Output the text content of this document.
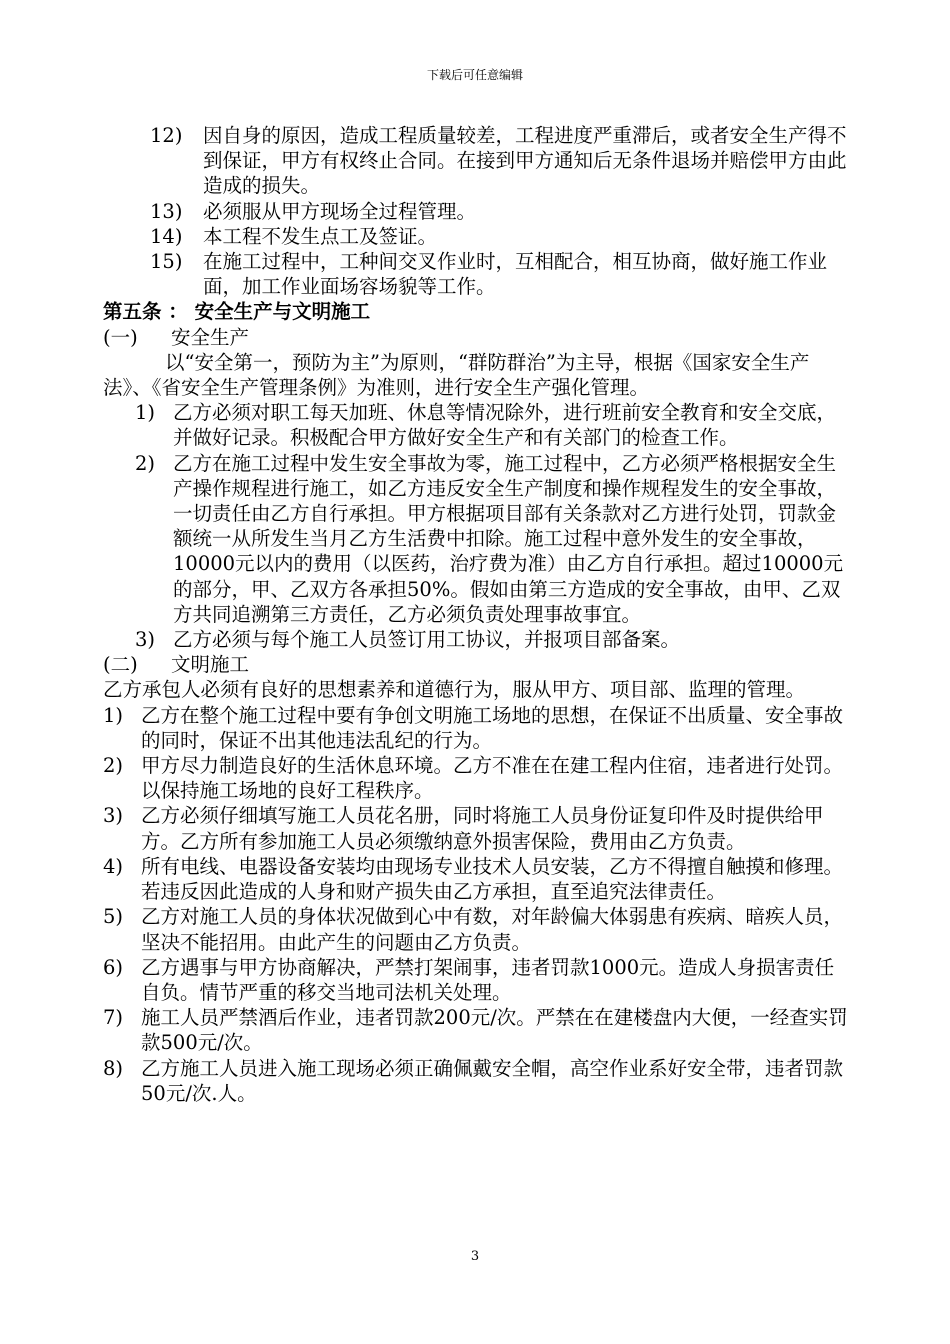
下载后可任意编辑
12)	因自身的原因，造成工程质量较差，工程进度严重滞后，或者安全生产得不到保证，甲方有权终止合同。在接到甲方通知后无条件退场并赔偿甲方由此造成的损失。
13)	必须服从甲方现场全过程管理。
14)	本工程不发生点工及签证。
15)	在施工过程中，工种间交叉作业时，互相配合，相互协商，做好施工作业面，加工作业面场容场貌等工作。
第五条 ： 安全生产与文明施工
(一) 安全生产
以“安全第一，预防为主”为原则，“群防群治”为主导，根据《国家安全生产法》、《省安全生产管理条例》为准则，进行安全生产强化管理。
1) 乙方必须对职工每天加班、休息等情况除外，进行班前安全教育和安全交底，并做好记录。积极配合甲方做好安全生产和有关部门的检查工作。
2) 乙方在施工过程中发生安全事故为零，施工过程中，乙方必须严格根据安全生产操作规程进行施工，如乙方违反安全生产制度和操作规程发生的安全事故，一切责任由乙方自行承担。甲方根据项目部有关条款对乙方进行处罚，罚款金额统一从所发生当月乙方生活费中扣除。施工过程中意外发生的安全事故，10000元以内的费用（以医药，治疗费为准）由乙方自行承担。超过10000元的部分，甲、乙双方各承担50%。假如由第三方造成的安全事故，由甲、乙双方共同追溯第三方责任，乙方必须负责处理事故事宜。
3) 乙方必须与每个施工人员签订用工协议，并报项目部备案。
(二) 文明施工
乙方承包人必须有良好的思想素养和道德行为，服从甲方、项目部、监理的管理。
1) 乙方在整个施工过程中要有争创文明施工场地的思想，在保证不出质量、安全事故的同时，保证不出其他违法乱纪的行为。
2) 甲方尽力制造良好的生活休息环境。乙方不准在在建工程内住宿，违者进行处罚。以保持施工场地的良好工程秩序。
3) 乙方必须仔细填写施工人员花名册，同时将施工人员身份证复印件及时提供给甲方。乙方所有参加施工人员必须缴纳意外损害保险，费用由乙方负责。
4) 所有电线、电器设备安装均由现场专业技术人员安装，乙方不得擅自触摸和修理。若违反因此造成的人身和财产损失由乙方承担，直至追究法律责任。
5) 乙方对施工人员的身体状况做到心中有数，对年龄偏大体弱患有疾病、暗疾人员，坚决不能招用。由此产生的问题由乙方负责。
6) 乙方遇事与甲方协商解决，严禁打架闹事，违者罚款1000元。造成人身损害责任自负。情节严重的移交当地司法机关处理。
7) 施工人员严禁酒后作业，违者罚款200元/次。严禁在在建楼盘内大便，一经查实罚款500元/次。
8) 乙方施工人员进入施工现场必须正确佩戴安全帽，高空作业系好安全带，违者罚款50元/次.人。
3
